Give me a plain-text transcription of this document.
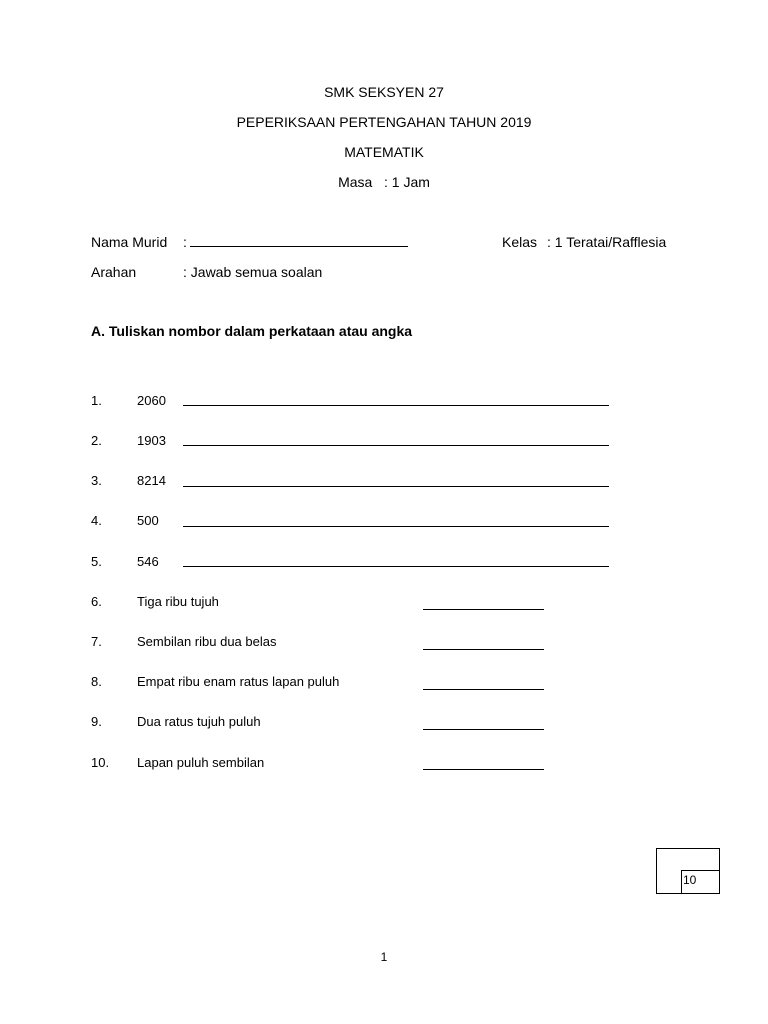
SMK SEKSYEN 27
PEPERIKSAAN PERTENGAHAN TAHUN 2019
MATEMATIK
Masa   : 1 Jam
Nama Murid :	Kelas : 1 Teratai/Rafflesia
Arahan	: Jawab semua soalan
A. Tuliskan nombor dalam perkataan atau angka
1.	2060
2.	1903
3.	8214
4.	500
5.	546
6.	Tiga ribu tujuh
7.	Sembilan ribu dua belas
8.	Empat ribu enam ratus lapan puluh
9.	Dua ratus tujuh puluh
10. Lapan puluh sembilan
10
1
